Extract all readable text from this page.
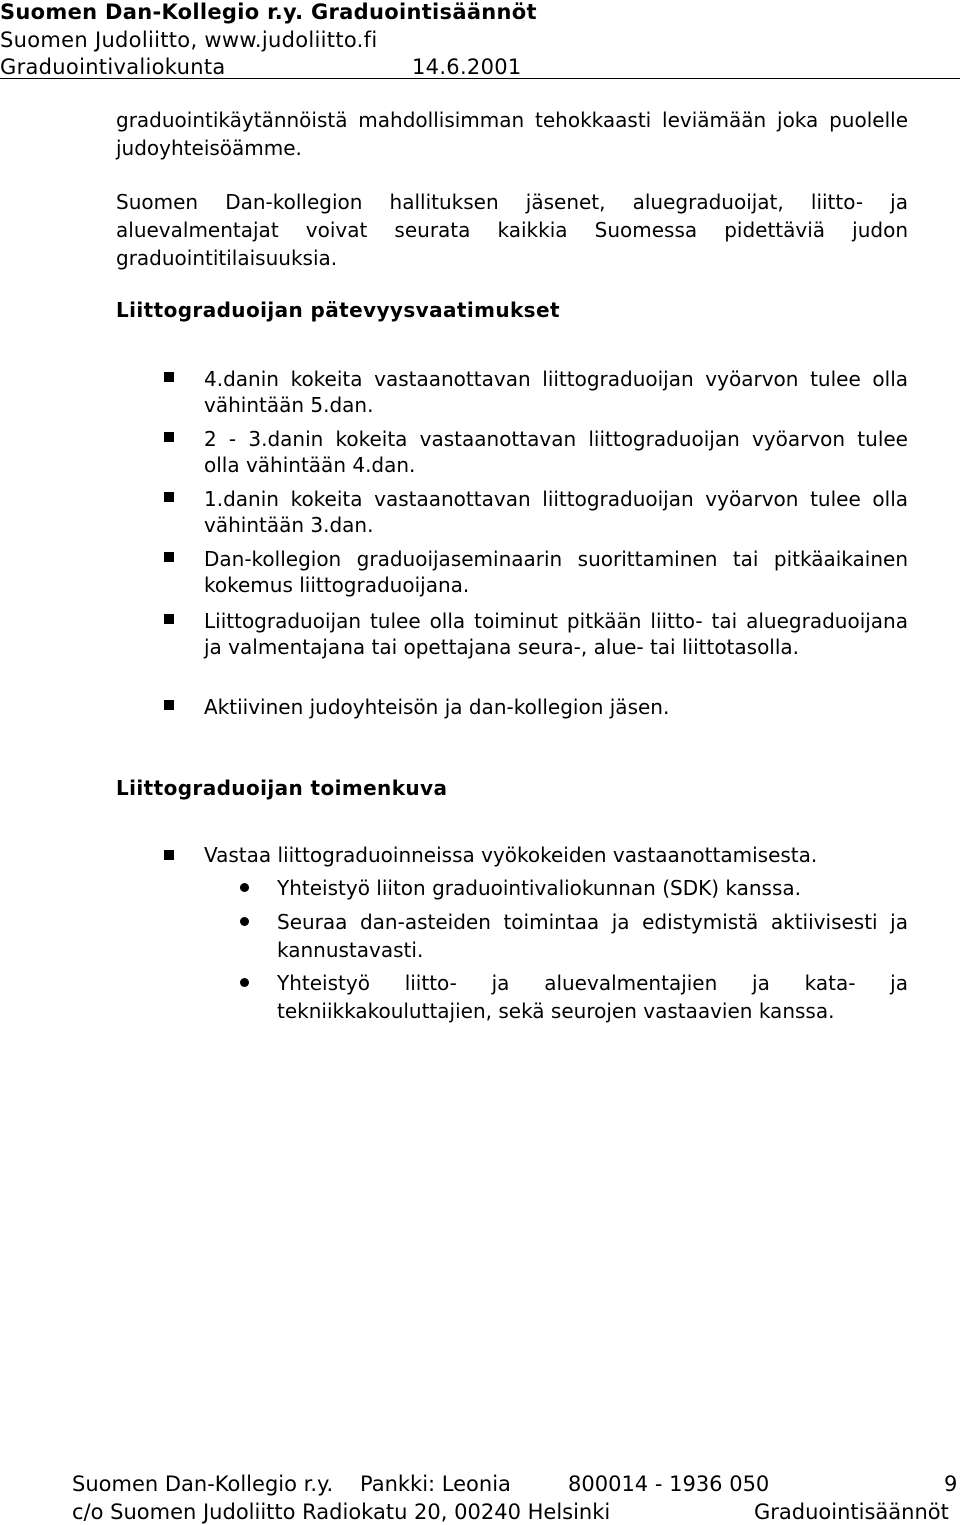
Suomen Dan-Kollegio r.y. Graduointisäännöt
Suomen Judoliitto, www.judoliitto.fi
Graduointivaliokunta	14.6.2001
graduointikäytännöistä mahdollisimman tehokkaasti leviämään joka puolelle judoyhteisöämme.
Suomen Dan-kollegion hallituksen jäsenet, aluegraduoijat, liitto- ja aluevalmentajat voivat seurata kaikkia Suomessa pidettäviä judon graduointitilaisuuksia.
Liittograduoijan pätevyysvaatimukset
4.danin kokeita vastaanottavan liittograduoijan vyöarvon tulee olla vähintään 5.dan.
2 - 3.danin kokeita vastaanottavan liittograduoijan vyöarvon tulee olla vähintään 4.dan.
1.danin kokeita vastaanottavan liittograduoijan vyöarvon tulee olla vähintään 3.dan.
Dan-kollegion graduoijaseminaarin suorittaminen tai pitkäaikainen kokemus liittograduoijana.
Liittograduoijan tulee olla toiminut pitkään liitto- tai aluegraduoijana ja valmentajana tai opettajana seura-, alue- tai liittotasolla.
Aktiivinen judoyhteisön ja dan-kollegion jäsen.
Liittograduoijan toimenkuva
Vastaa liittograduoinneissa vyökokeiden vastaanottamisesta.
Yhteistyö liiton graduointivaliokunnan (SDK) kanssa.
Seuraa dan-asteiden toimintaa ja edistymistä aktiivisesti ja kannustavasti.
Yhteistyö liitto- ja aluevalmentajien ja kata- ja tekniikkakouluttajien, sekä seurojen vastaavien kanssa.
Suomen Dan-Kollegio r.y. Pankki: Leonia	800014 - 1936 050	9
c/o Suomen Judoliitto Radiokatu 20, 00240 Helsinki	Graduointisäännöt
